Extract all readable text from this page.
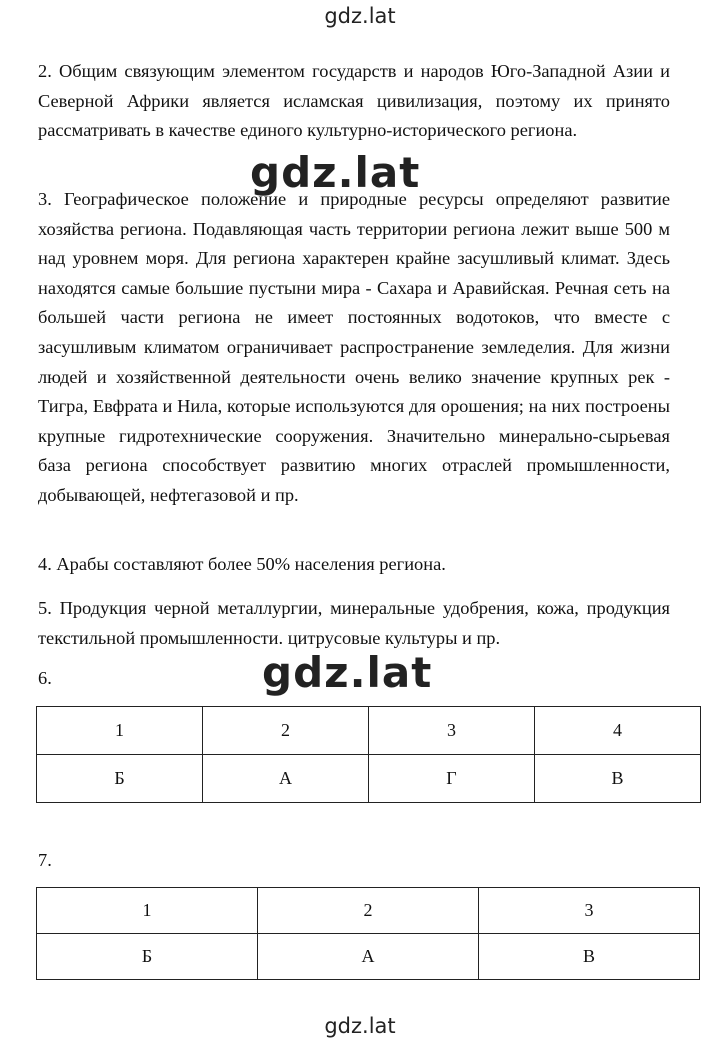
gdz.lat

2. Общим связующим элементом государств и народов Юго-Западной Азии и Северной Африки является исламская цивилизация, поэтому их принято рассматривать в качестве единого культурно-исторического региона.

gdz.lat

3. Географическое положение и природные ресурсы определяют развитие хозяйства региона. Подавляющая часть территории региона лежит выше 500 м над уровнем моря. Для региона характерен крайне засушливый климат. Здесь находятся самые большие пустыни мира - Сахара и Аравийская. Речная сеть на большей части региона не имеет постоянных водотоков, что вместе с засушливым климатом ограничивает распространение земледелия. Для жизни людей и хозяйственной деятельности очень велико значение крупных рек - Тигра, Евфрата и Нила, которые используются для орошения; на них построены крупные гидротехнические сооружения. Значительно минерально-сырьевая база региона способствует развитию многих отраслей промышленности, добывающей, нефтегазовой и пр.

4. Арабы составляют более 50% населения региона.

5. Продукция черной металлургии, минеральные удобрения, кожа, продукция текстильной промышленности. цитрусовые культуры и пр.

6.	gdz.lat
1	2	3	4
Б	А	Г	В
7.
1	2	3
Б	А	В
gdz.lat
